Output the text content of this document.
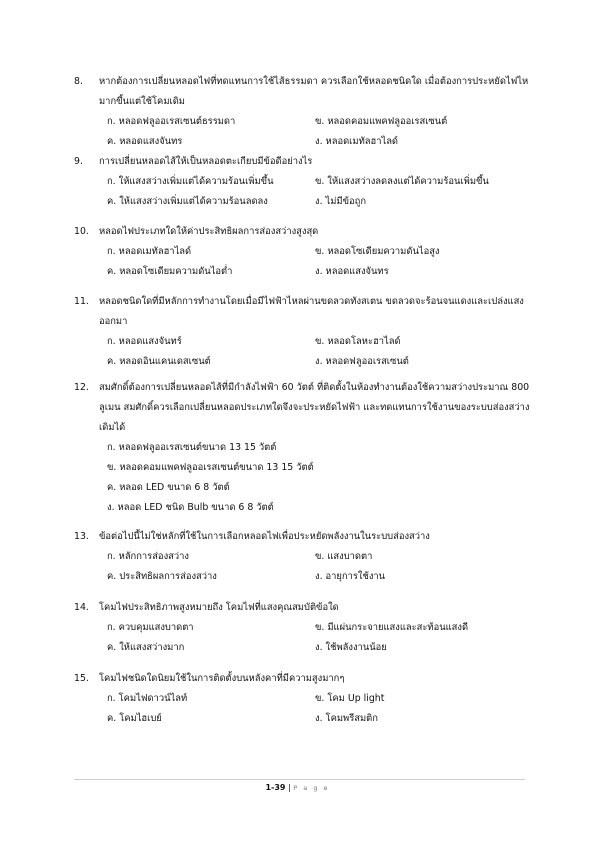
8.	หากต้องการเปลี่ยนหลอดไฟที่ทดแทนการใช้ไส้ธรรมดา ควรเลือกใช้หลอดชนิดใด เมื่อต้องการประหยัดไฟไหมากขึ้นแต่ใช้โคมเดิม
ก. หลอดฟลูออเรสเซนต์ธรรมดา	ข. หลอดคอมแพคฟลูออเรสเซนต์
ค. หลอดแสงจันทร	ง. หลอดเมทัลฮาไลด์
9.	การเปลี่ยนหลอดไส้ให้เป็นหลอดตะเกียบมีข้อดีอย่างไร
ก. ให้แสงสว่างเพิ่มแต่ได้ความร้อนเพิ่มขึ้น	ข. ให้แสงสว่างลดลงแต่ได้ความร้อนเพิ่มขึ้น
ค. ให้แสงสว่างเพิ่มแต่ได้ความร้อนลดลง	ง. ไม่มีข้อถูก
10.	หลอดไฟประเภทใดให้ค่าประสิทธิผลการส่องสว่างสูงสุด
ก. หลอดเมทัลฮาไลด์	ข. หลอดโซเดียมความดันไอสูง
ค. หลอดโซเดียมความดันไอต่ำ	ง. หลอดแสงจันทร
11.	หลอดชนิดใดที่มีหลักการทำงานโดยเมื่อมีไฟฟ้าไหลผ่านขดลวดทังสเตน ขดลวดจะร้อนจนแดงและเปล่งแสงออกมา
ก. หลอดแสงจันทร์	ข. หลอดโลหะฮาไลด์
ค. หลอดอินแคนเดสเซนต์	ง. หลอดฟลูออเรสเซนต์
12.	สมศักดิ์ต้องการเปลี่ยนหลอดไส้ที่มีกำลังไฟฟ้า 60 วัตต์ ที่ติดตั้งในห้องทำงานต้องใช้ความสว่างประมาณ 800 ลูเมน สมศักดิ์ควรเลือกเปลี่ยนหลอดประเภทใดจึงจะประหยัดไฟฟ้า และทดแทนการใช้งานของระบบส่องสว่างเดิมได้
ก. หลอดฟลูออเรสเซนต์ขนาด 13 15 วัตต์
ข. หลอดคอมแพคฟลูออเรสเซนต์ขนาด 13 15 วัตต์
ค. หลอด LED ขนาด 6 8 วัตต์
ง. หลอด LED ชนิด Bulb ขนาด 6 8 วัตต์
13.	ข้อต่อไปนี้ไม่ใช่หลักที่ใช้ในการเลือกหลอดไฟเพื่อประหยัดพลังงานในระบบส่องสว่าง
ก. หลักการส่องสว่าง	ข. แสงบาดตา
ค. ประสิทธิผลการส่องสว่าง	ง. อายุการใช้งาน
14.	โคมไฟประสิทธิภาพสูงหมายถึง โคมไฟที่แสงคุณสมบัติข้อใด
ก. ควบคุมแสงบาดตา	ข. มีแผ่นกระจายแสงและสะท้อนแสงดี
ค. ให้แสงสว่างมาก	ง. ใช้พลังงานน้อย
15.	โคมไฟชนิดใดนิยมใช้ในการติดตั้งบนหลังคาที่มีความสูงมากๆ
ก. โคมไฟดาวน์ไลท์	ข. โคม Up light
ค. โคมไฮเบย์	ง. โคมพรีสมติก
1-39 | P a g e
